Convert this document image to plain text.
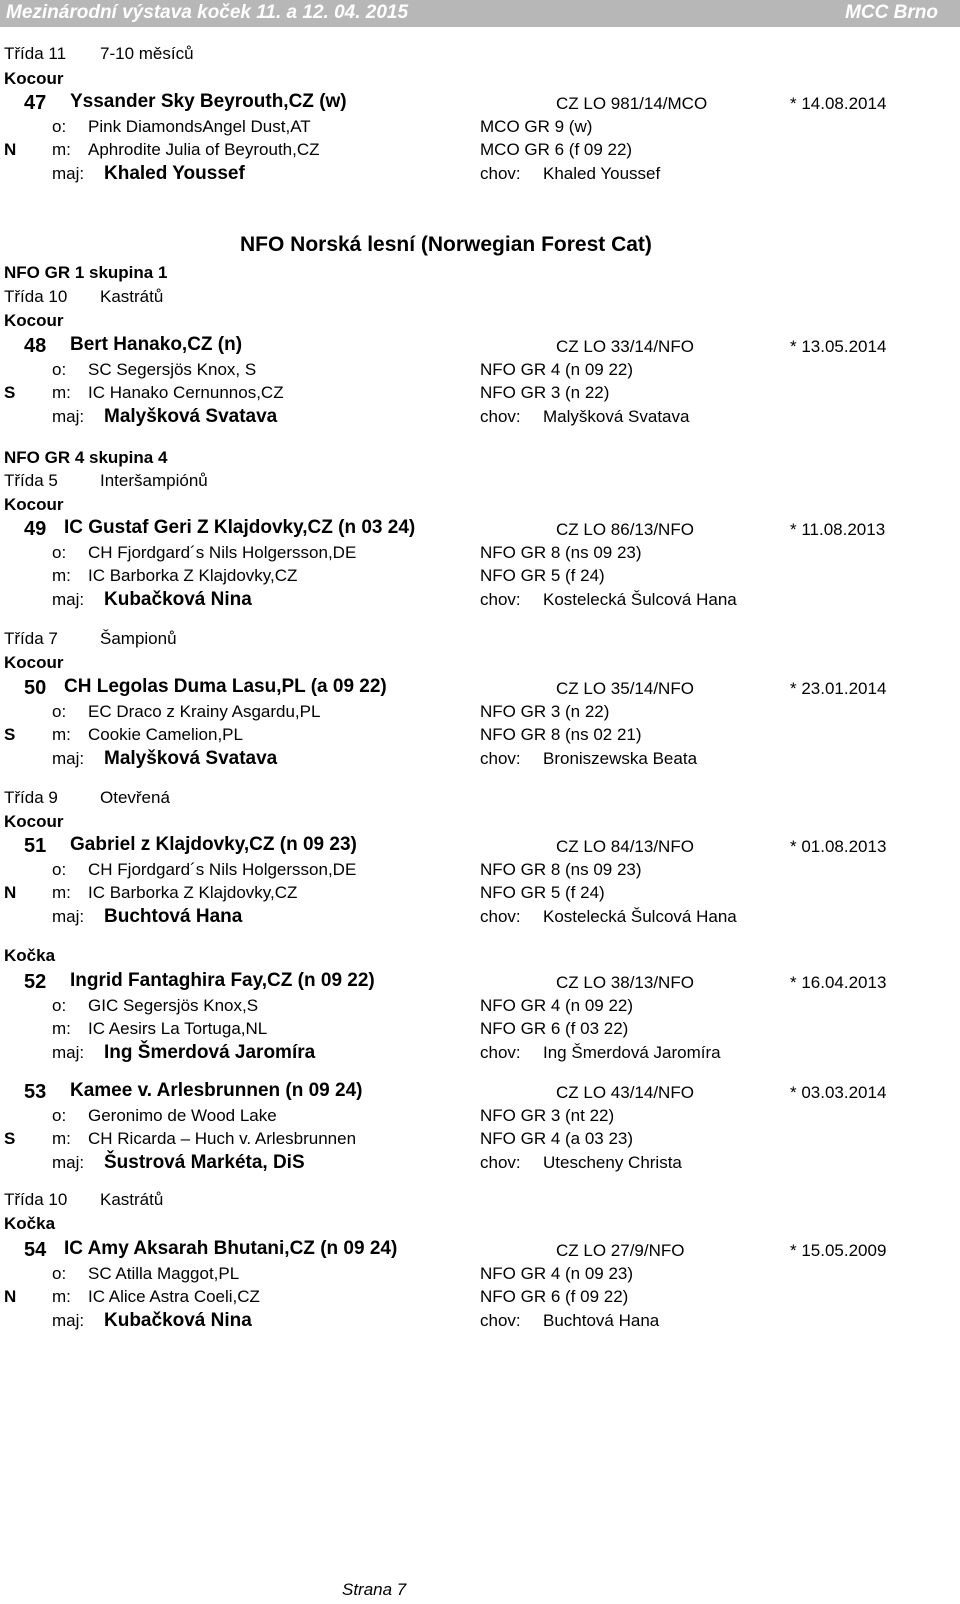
Mezinárodní výstava koček 11. a 12. 04. 2015	MCC Brno
Třída 11 7-10 měsíců
Kocour
47 Yssander Sky Beyrouth,CZ (w)	CZ LO 981/14/MCO	* 14.08.2014
N
o: Pink DiamondsAngel Dust,AT	MCO GR 9 (w)
m: Aphrodite Julia of Beyrouth,CZ	MCO GR 6 (f 09 22)
maj: Khaled Youssef	chov: Khaled Youssef
NFO Norská lesní (Norwegian Forest Cat)
NFO GR 1 skupina 1
Třída 10 Kastrátů
Kocour
48 Bert Hanako,CZ (n)	CZ LO 33/14/NFO	* 13.05.2014
S
o: SC Segersjös Knox, S	NFO GR 4 (n 09 22)
m: IC Hanako Cernunnos,CZ	NFO GR 3 (n 22)
maj: Malyšková Svatava	chov: Malyšková Svatava
NFO GR 4 skupina 4
Třída 5 Interšampiónů
Kocour
49 IC Gustaf Geri Z Klajdovky,CZ (n 03 24)	CZ LO 86/13/NFO	* 11.08.2013
o: CH Fjordgard´s Nils Holgersson,DE	NFO GR 8 (ns 09 23)
m: IC Barborka Z Klajdovky,CZ	NFO GR 5 (f 24)
maj: Kubačková Nina	chov: Kostelecká Šulcová Hana
Třída 7 Šampionů
Kocour
50 CH Legolas Duma Lasu,PL (a 09 22)	CZ LO 35/14/NFO	* 23.01.2014
S
o: EC Draco z Krainy Asgardu,PL	NFO GR 3 (n 22)
m: Cookie Camelion,PL	NFO GR 8 (ns 02 21)
maj: Malyšková Svatava	chov: Broniszewska Beata
Třída 9 Otevřená
Kocour
51 Gabriel z Klajdovky,CZ (n 09 23)	CZ LO 84/13/NFO	* 01.08.2013
N
o: CH Fjordgard´s Nils Holgersson,DE	NFO GR 8 (ns 09 23)
m: IC Barborka Z Klajdovky,CZ	NFO GR 5 (f 24)
maj: Buchtová Hana	chov: Kostelecká Šulcová Hana
Kočka
52 Ingrid Fantaghira Fay,CZ (n 09 22)	CZ LO 38/13/NFO	* 16.04.2013
o: GIC Segersjös Knox,S	NFO GR 4 (n 09 22)
m: IC Aesirs La Tortuga,NL	NFO GR 6 (f 03 22)
maj: Ing Šmerdová Jaromíra	chov: Ing Šmerdová Jaromíra
53 Kamee v. Arlesbrunnen (n 09 24)	CZ LO 43/14/NFO	* 03.03.2014
S
o: Geronimo de Wood Lake	NFO GR 3 (nt 22)
m: CH Ricarda – Huch v. Arlesbrunnen	NFO GR 4 (a 03 23)
maj: Šustrová Markéta, DiS	chov: Utescheny Christa
Třída 10 Kastrátů
Kočka
54 IC Amy Aksarah Bhutani,CZ (n 09 24)	CZ LO 27/9/NFO	* 15.05.2009
N
o: SC Atilla Maggot,PL	NFO GR 4 (n 09 23)
m: IC Alice Astra Coeli,CZ	NFO GR 6 (f 09 22)
maj: Kubačková Nina	chov: Buchtová Hana
Strana 7
